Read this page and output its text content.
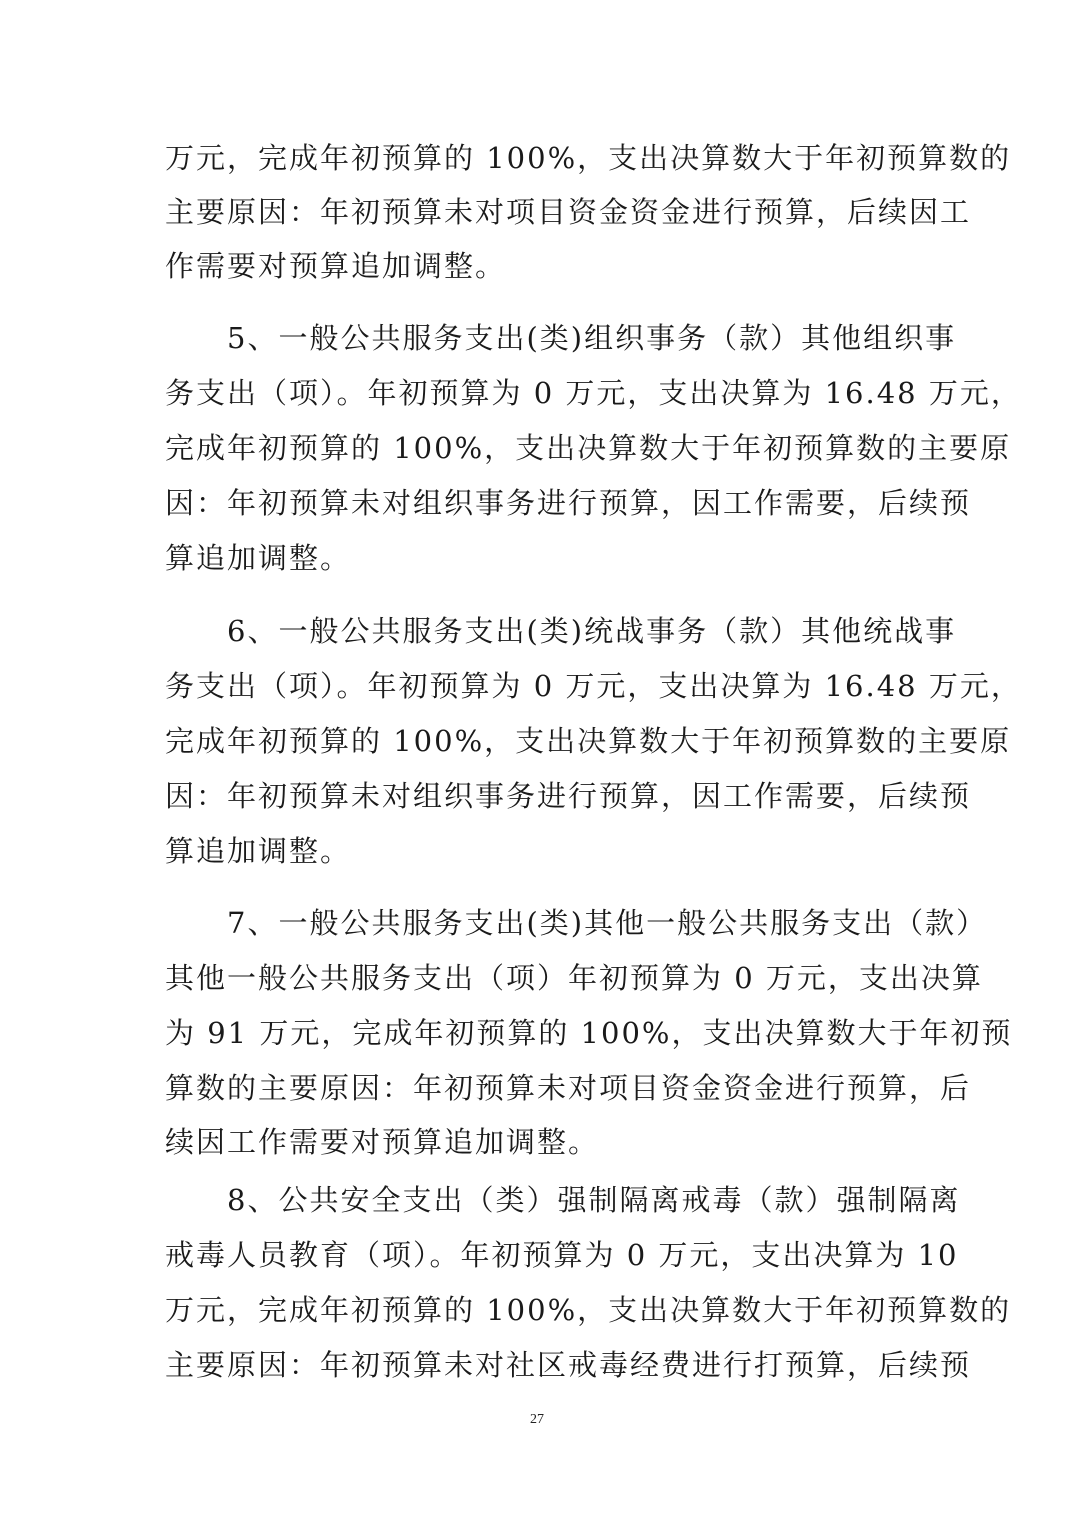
万元，完成年初预算的 100%，支出决算数大于年初预算数的
主要原因：年初预算未对项目资金资金进行预算，后续因工
作需要对预算追加调整。
　　5、一般公共服务支出(类)组织事务（款）其他组织事
务支出（项）。年初预算为 0 万元，支出决算为 16.48 万元，
完成年初预算的 100%，支出决算数大于年初预算数的主要原
因：年初预算未对组织事务进行预算，因工作需要，后续预
算追加调整。
　　6、一般公共服务支出(类)统战事务（款）其他统战事
务支出（项）。年初预算为 0 万元，支出决算为 16.48 万元，
完成年初预算的 100%，支出决算数大于年初预算数的主要原
因：年初预算未对组织事务进行预算，因工作需要，后续预
算追加调整。
　　7、一般公共服务支出(类)其他一般公共服务支出（款）
其他一般公共服务支出（项）年初预算为 0 万元，支出决算
为 91 万元，完成年初预算的 100%，支出决算数大于年初预
算数的主要原因：年初预算未对项目资金资金进行预算，后
续因工作需要对预算追加调整。
　　8、公共安全支出（类）强制隔离戒毒（款）强制隔离
戒毒人员教育（项）。年初预算为 0 万元，支出决算为 10
万元，完成年初预算的 100%，支出决算数大于年初预算数的
主要原因：年初预算未对社区戒毒经费进行打预算，后续预
27
